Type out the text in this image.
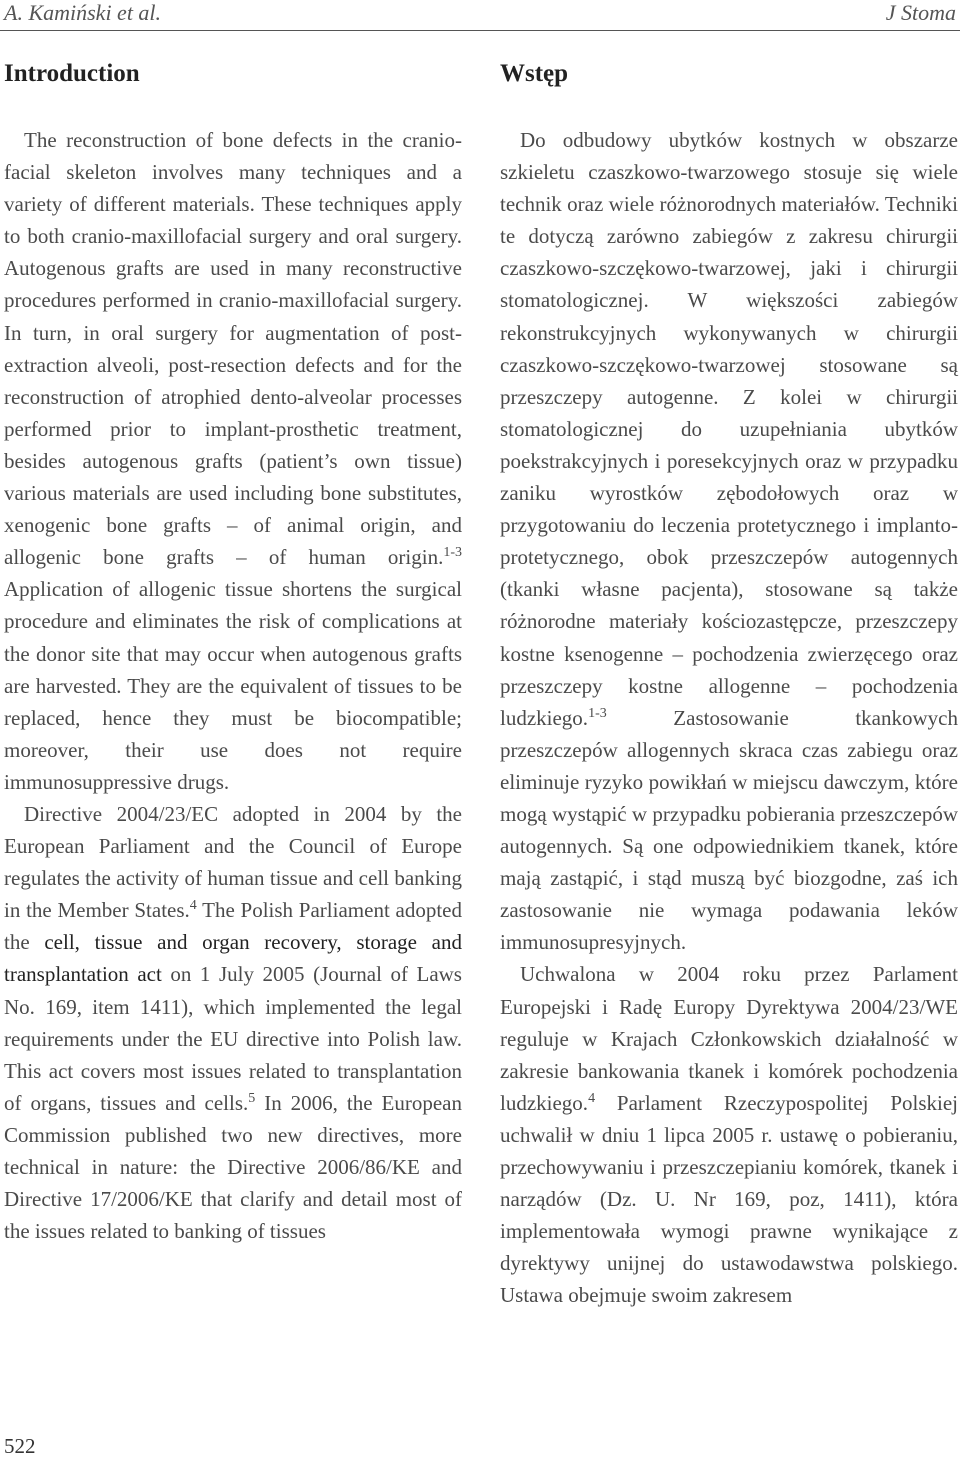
A. Kamiński et al.	J Stoma
Introduction

The reconstruction of bone defects in the cranio-facial skeleton involves many techniques and a variety of different materials. These techniques apply to both cranio-maxillofacial surgery and oral surgery. Autogenous grafts are used in many reconstructive procedures performed in cranio-maxillofacial surgery. In turn, in oral surgery for augmentation of post-extraction alveoli, post-resection defects and for the reconstruction of atrophied dento-alveolar processes performed prior to implant-prosthetic treatment, besides autogenous grafts (patient’s own tissue) various materials are used including bone substitutes, xenogenic bone grafts – of animal origin, and allogenic bone grafts – of human origin.$^{1-3}$ Application of allogenic tissue shortens the surgical procedure and eliminates the risk of complications at the donor site that may occur when autogenous grafts are harvested. They are the equivalent of tissues to be replaced, hence they must be biocompatible; moreover, their use does not require immunosuppressive drugs.

Directive 2004/23/EC adopted in 2004 by the European Parliament and the Council of Europe regulates the activity of human tissue and cell banking in the Member States.$^4$ The Polish Parliament adopted the cell, tissue and organ recovery, storage and transplantation act on 1 July 2005 (Journal of Laws No. 169, item 1411), which implemented the legal requirements under the EU directive into Polish law. This act covers most issues related to transplantation of organs, tissues and cells.$^5$ In 2006, the European Commission published two new directives, more technical in nature: the Directive 2006/86/KE and Directive 17/2006/KE that clarify and detail most of the issues related to banking of tissues

Wstęp

Do odbudowy ubytków kostnych w obszarze szkieletu czaszkowo-twarzowego stosuje się wiele technik oraz wiele różnorodnych materiałów. Techniki te dotyczą zarówno zabiegów z zakresu chirurgii czaszkowo-szczękowo-twarzowej, jaki i chirurgii stomatologicznej. W większości zabiegów rekonstrukcyjnych wykonywanych w chirurgii czaszkowo-szczękowo-twarzowej stosowane są przeszczepy autogenne. Z kolei w chirurgii stomatologicznej do uzupełniania ubytków poekstrakcyjnych i poresekcyjnych oraz w przypadku zaniku wyrostków zębodołowych oraz w przygotowaniu do leczenia protetycznego i implanto-protetycznego, obok przeszczepów autogennych (tkanki własne pacjenta), stosowane są także różnorodne materiały kościozastępcze, przeszczepy kostne ksenogenne – pochodzenia zwierzęcego oraz przeszczepy kostne allogenne – pochodzenia ludzkiego.$^{1-3}$ Zastosowanie tkankowych przeszczepów allogennych skraca czas zabiegu oraz eliminuje ryzyko powikłań w miejscu dawczym, które mogą wystąpić w przypadku pobierania przeszczepów autogennych. Są one odpowiednikiem tkanek, które mają zastąpić, i stąd muszą być biozgodne, zaś ich zastosowanie nie wymaga podawania leków immunosupresyjnych.

Uchwalona w 2004 roku przez Parlament Europejski i Radę Europy Dyrektywa 2004/23/WE reguluje w Krajach Członkowskich działalność w zakresie bankowania tkanek i komórek pochodzenia ludzkiego.$^4$ Parlament Rzeczypospolitej Polskiej uchwalił w dniu 1 lipca 2005 r. ustawę o pobieraniu, przechowywaniu i przeszczepianiu komórek, tkanek i narządów (Dz. U. Nr 169, poz, 1411), która implementowała wymogi prawne wynikające z dyrektywy unijnej do ustawodawstwa polskiego. Ustawa obejmuje swoim zakresem

522
